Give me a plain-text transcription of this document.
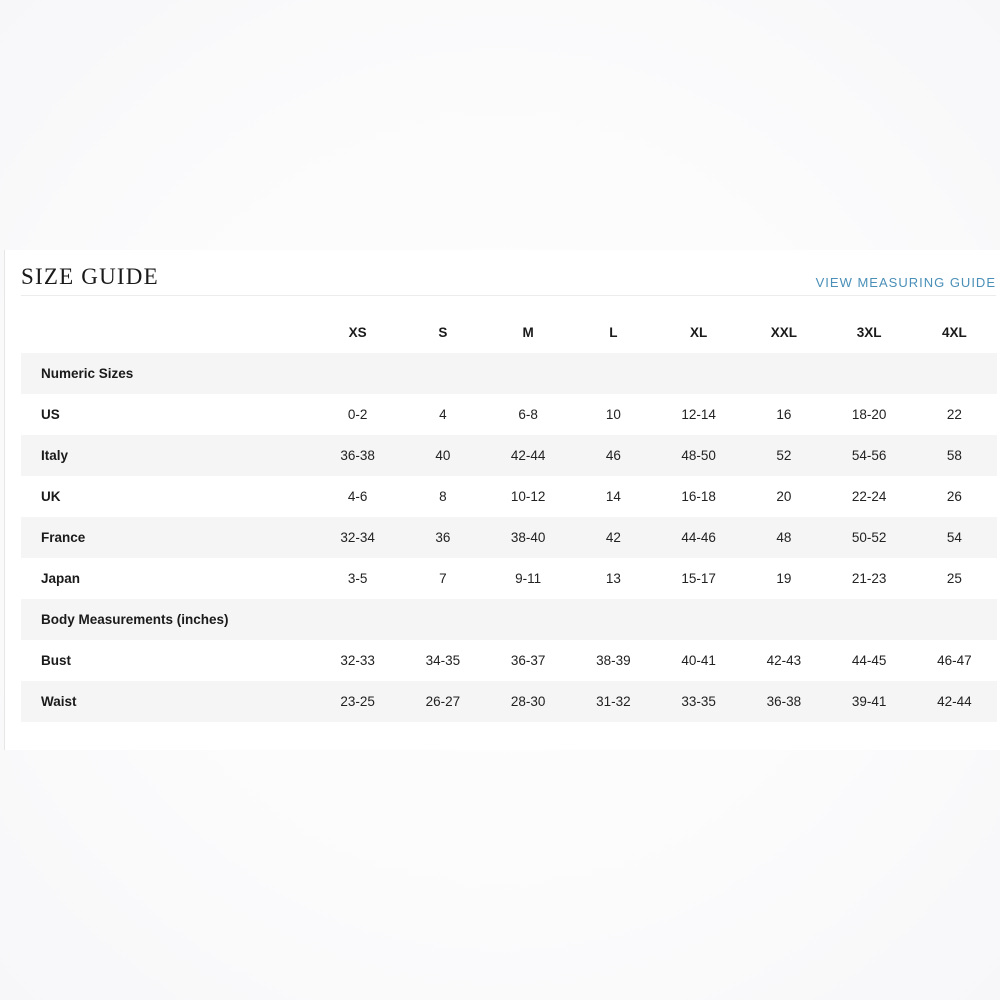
SIZE GUIDE	VIEW MEASURING GUIDE
XS	S	M	L	XL	XXL	3XL	4XL
Numeric Sizes
US	0-2	4	6-8	10	12-14	16	18-20	22
Italy	36-38	40	42-44	46	48-50	52	54-56	58
UK	4-6	8	10-12	14	16-18	20	22-24	26
France	32-34	36	38-40	42	44-46	48	50-52	54
Japan	3-5	7	9-11	13	15-17	19	21-23	25
Body Measurements (inches)
Bust	32-33	34-35	36-37	38-39	40-41	42-43	44-45	46-47
Waist	23-25	26-27	28-30	31-32	33-35	36-38	39-41	42-44
